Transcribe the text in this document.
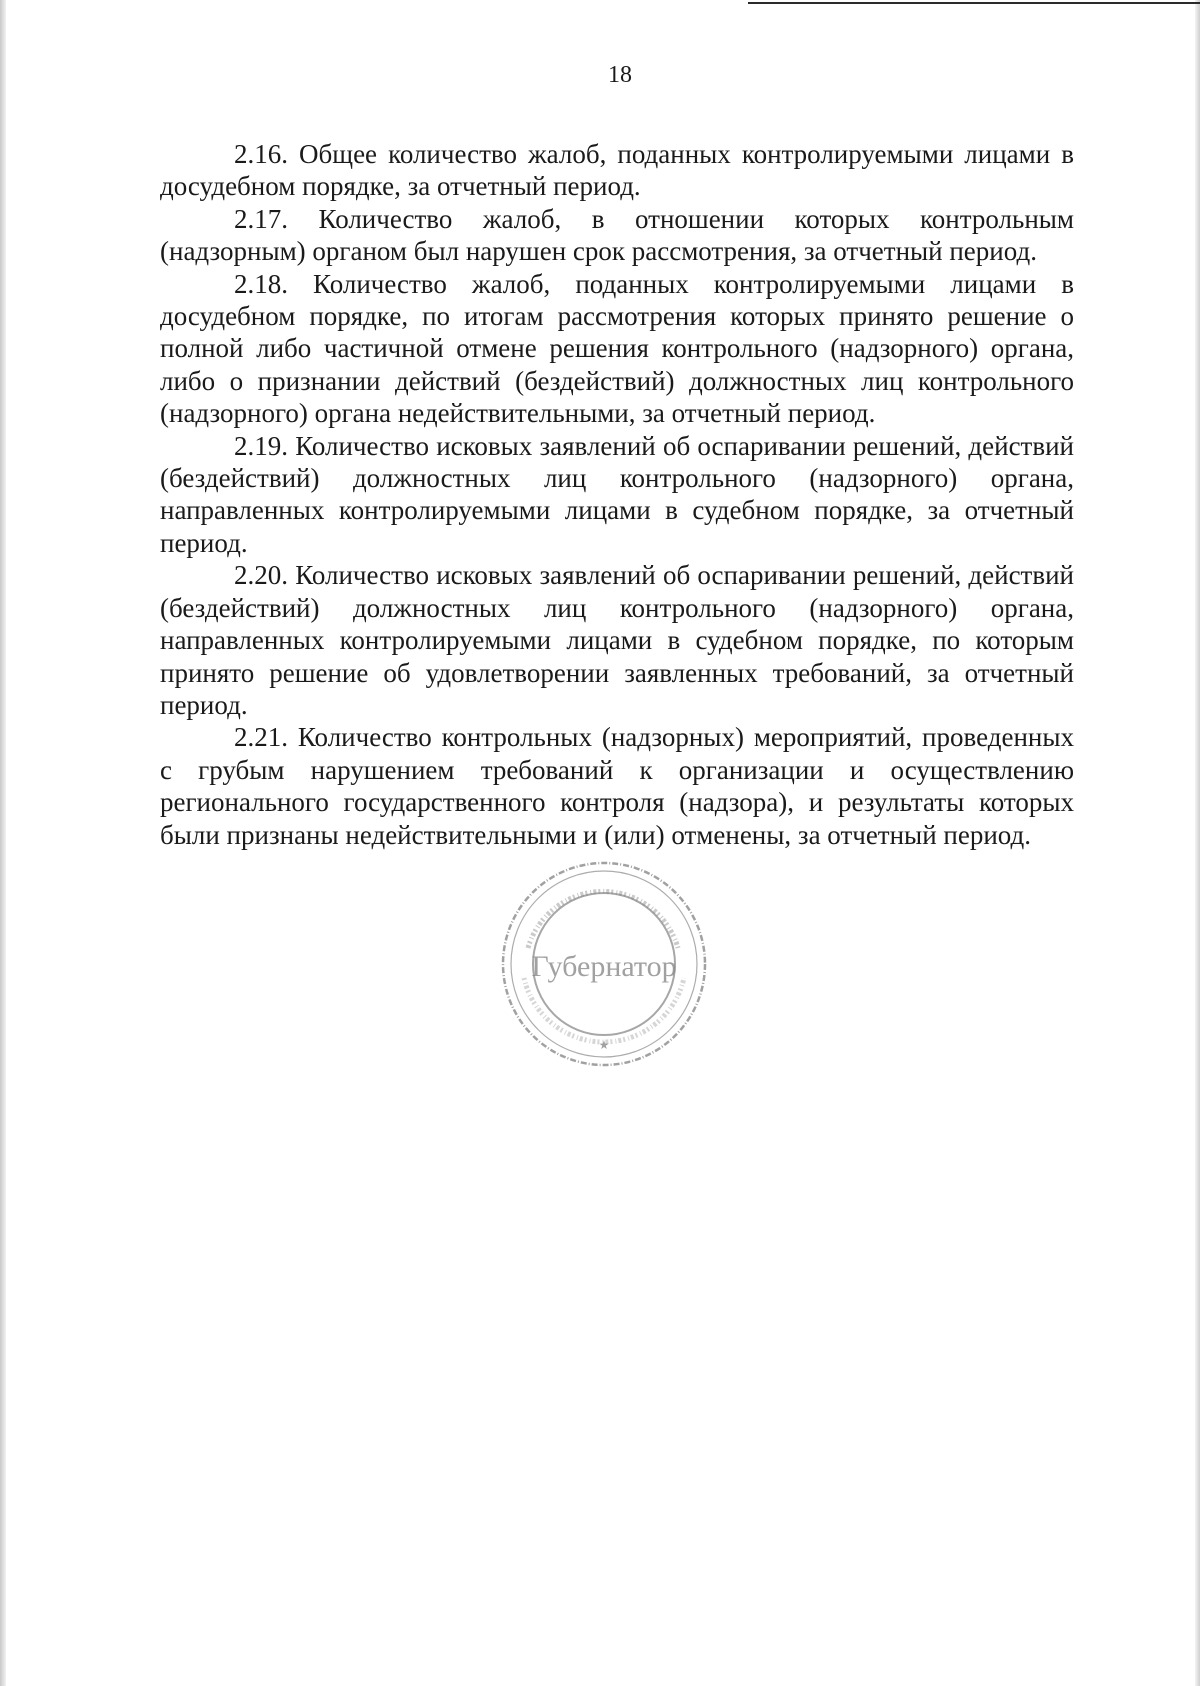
18

2.16. Общее количество жалоб, поданных контролируемыми лицами в досудебном порядке, за отчетный период.

2.17. Количество жалоб, в отношении которых контрольным (надзорным) органом был нарушен срок рассмотрения, за отчетный период.

2.18. Количество жалоб, поданных контролируемыми лицами в досудебном порядке, по итогам рассмотрения которых принято решение о полной либо частичной отмене решения контрольного (надзорного) органа, либо о признании действий (бездействий) должностных лиц контрольного (надзорного) органа недействительными, за отчетный период.

2.19. Количество исковых заявлений об оспаривании решений, действий (бездействий) должностных лиц контрольного (надзорного) органа, направленных контролируемыми лицами в судебном порядке, за отчетный период.

2.20. Количество исковых заявлений об оспаривании решений, действий (бездействий) должностных лиц контрольного (надзорного) органа, направленных контролируемыми лицами в судебном порядке, по которым принято решение об удовлетворении заявленных требований, за отчетный период.

2.21. Количество контрольных (надзорных) мероприятий, проведенных с грубым нарушением требований к организации и осуществлению регионального государственного контроля (надзора), и результаты которых были признаны недействительными и (или) отменены, за отчетный период.

Губернатор
★
